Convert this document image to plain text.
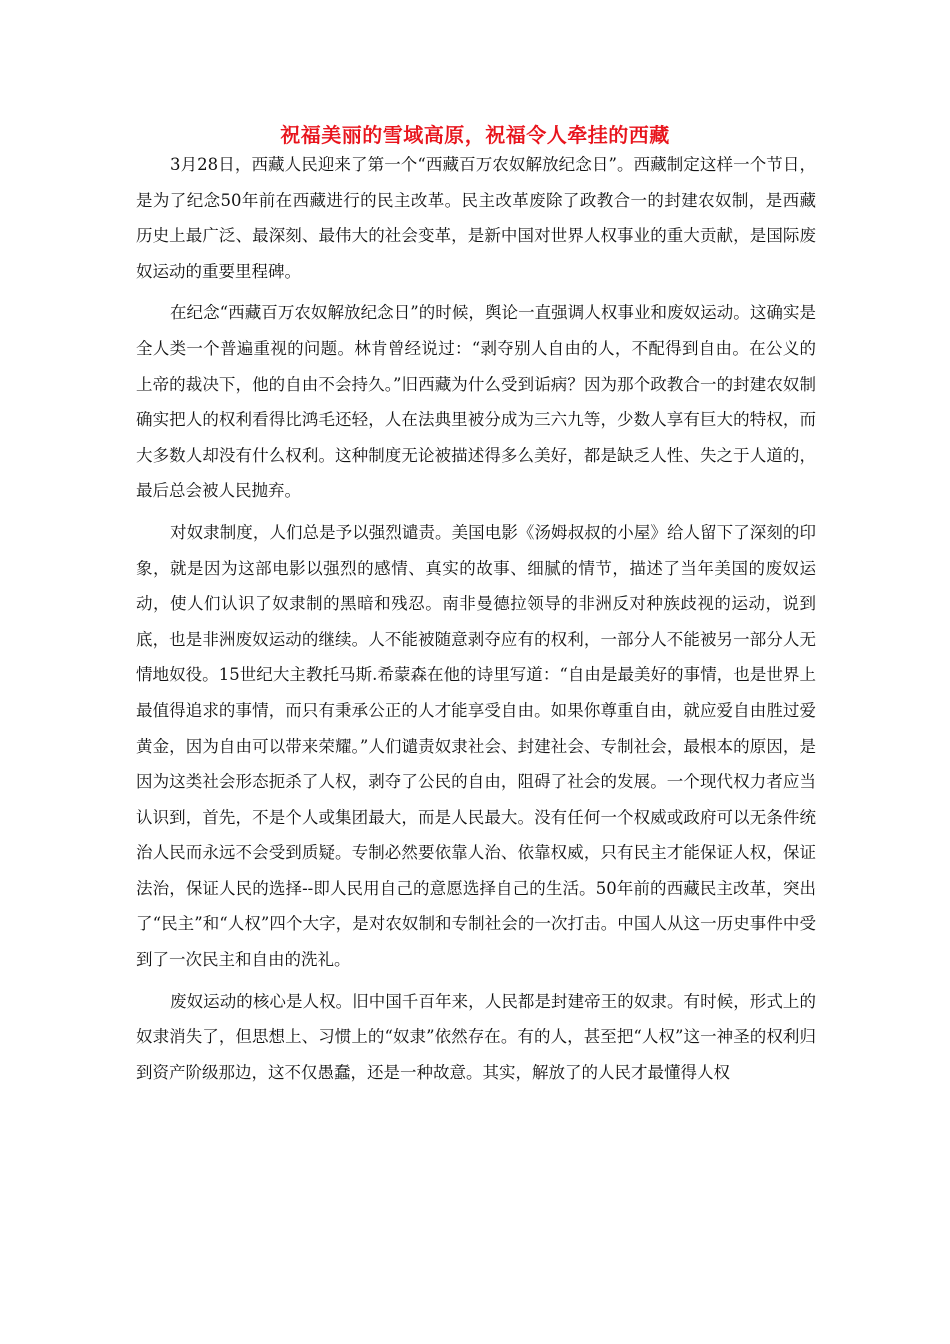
祝福美丽的雪域高原，祝福令人牵挂的西藏

3月28日，西藏人民迎来了第一个“西藏百万农奴解放纪念日”。西藏制定这样一个节日，是为了纪念50年前在西藏进行的民主改革。民主改革废除了政教合一的封建农奴制，是西藏历史上最广泛、最深刻、最伟大的社会变革，是新中国对世界人权事业的重大贡献，是国际废奴运动的重要里程碑。

在纪念“西藏百万农奴解放纪念日”的时候，舆论一直强调人权事业和废奴运动。这确实是全人类一个普遍重视的问题。林肯曾经说过：“剥夺别人自由的人，不配得到自由。在公义的上帝的裁决下，他的自由不会持久。”旧西藏为什么受到诟病？因为那个政教合一的封建农奴制确实把人的权利看得比鸿毛还轻，人在法典里被分成为三六九等，少数人享有巨大的特权，而大多数人却没有什么权利。这种制度无论被描述得多么美好，都是缺乏人性、失之于人道的，最后总会被人民抛弃。

对奴隶制度，人们总是予以强烈谴责。美国电影《汤姆叔叔的小屋》给人留下了深刻的印象，就是因为这部电影以强烈的感情、真实的故事、细腻的情节，描述了当年美国的废奴运动，使人们认识了奴隶制的黑暗和残忍。南非曼德拉领导的非洲反对种族歧视的运动，说到底，也是非洲废奴运动的继续。人不能被随意剥夺应有的权利，一部分人不能被另一部分人无情地奴役。15世纪大主教托马斯.希蒙森在他的诗里写道：“自由是最美好的事情，也是世界上最值得追求的事情，而只有秉承公正的人才能享受自由。如果你尊重自由，就应爱自由胜过爱黄金，因为自由可以带来荣耀。”人们谴责奴隶社会、封建社会、专制社会，最根本的原因，是因为这类社会形态扼杀了人权，剥夺了公民的自由，阻碍了社会的发展。一个现代权力者应当认识到，首先，不是个人或集团最大，而是人民最大。没有任何一个权威或政府可以无条件统治人民而永远不会受到质疑。专制必然要依靠人治、依靠权威，只有民主才能保证人权，保证法治，保证人民的选择--即人民用自己的意愿选择自己的生活。50年前的西藏民主改革，突出了“民主”和“人权”四个大字，是对农奴制和专制社会的一次打击。中国人从这一历史事件中受到了一次民主和自由的洗礼。

废奴运动的核心是人权。旧中国千百年来，人民都是封建帝王的奴隶。有时候，形式上的奴隶消失了，但思想上、习惯上的“奴隶”依然存在。有的人，甚至把“人权”这一神圣的权利归到资产阶级那边，这不仅愚蠢，还是一种故意。其实，解放了的人民才最懂得人权
